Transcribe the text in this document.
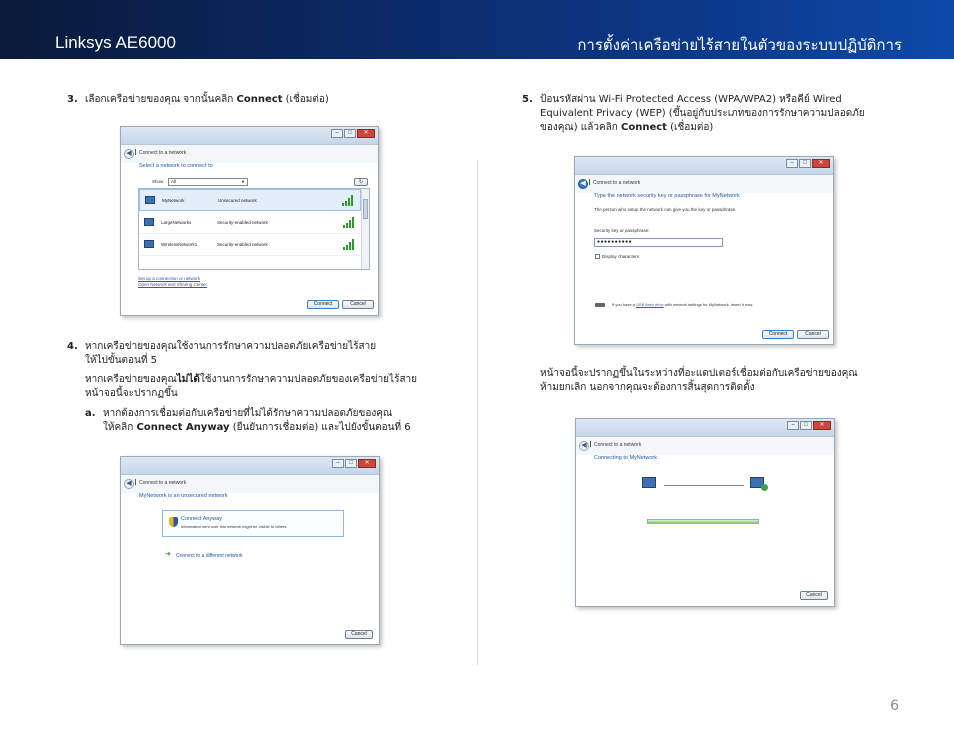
Linksys AE6000	การตั้งค่าเครือข่ายไร้สายในตัวของระบบปฏิบัติการ
3. เลือกเครือข่ายของคุณ จากนั้นคลิก Connect (เชื่อมต่อ)
–	□	✕
◀	Connect to a network
Select a network to connect to
Show	All	▼	↻
MyNetwork	Unsecured network
LargeNetworks	Security-enabled network
WirelessNetwork1	Security-enabled network
Set up a connection or network
Open Network and Sharing Center
Connect	Cancel
4. หากเครือข่ายของคุณใช้งานการรักษาความปลอดภัยเครือข่ายไร้สาย
ให้ไปขั้นตอนที่ 5
หากเครือข่ายของคุณไม่ได้ใช้งานการรักษาความปลอดภัยของเครือข่ายไร้สาย
หน้าจอนี้จะปรากฏขึ้น
a. หากต้องการเชื่อมต่อกับเครือข่ายที่ไม่ได้รักษาความปลอดภัยของคุณ
ให้คลิก Connect Anyway (ยืนยันการเชื่อมต่อ) และไปยังขั้นตอนที่ 6
–	□	✕
◀	Connect to a network
MyNetwork is an unsecured network
Connect Anyway
Information sent over this network might be visible to others.
➜ Connect to a different network
Cancel
5. ป้อนรหัสผ่าน Wi-Fi Protected Access (WPA/WPA2) หรือคีย์ Wired
Equivalent Privacy (WEP) (ขึ้นอยู่กับประเภทของการรักษาความปลอดภัย
ของคุณ) แล้วคลิก Connect (เชื่อมต่อ)
–	□	✕
◀	Connect to a network
Type the network security key or passphrase for MyNetwork
The person who setup the network can give you the key or passphrase.
Security key or passphrase:
●●●●●●●●●●
Display characters
If you have a USB flash drive with network settings for MyNetwork, insert it now.
Connect	Cancel
หน้าจอนี้จะปรากฏขึ้นในระหว่างที่อะแดปเตอร์เชื่อมต่อกับเครือข่ายของคุณ
ห้ามยกเลิก นอกจากคุณจะต้องการสิ้นสุดการติดตั้ง
–	□	✕
◀	Connect to a network
Connecting to MyNetwork
Cancel
6
